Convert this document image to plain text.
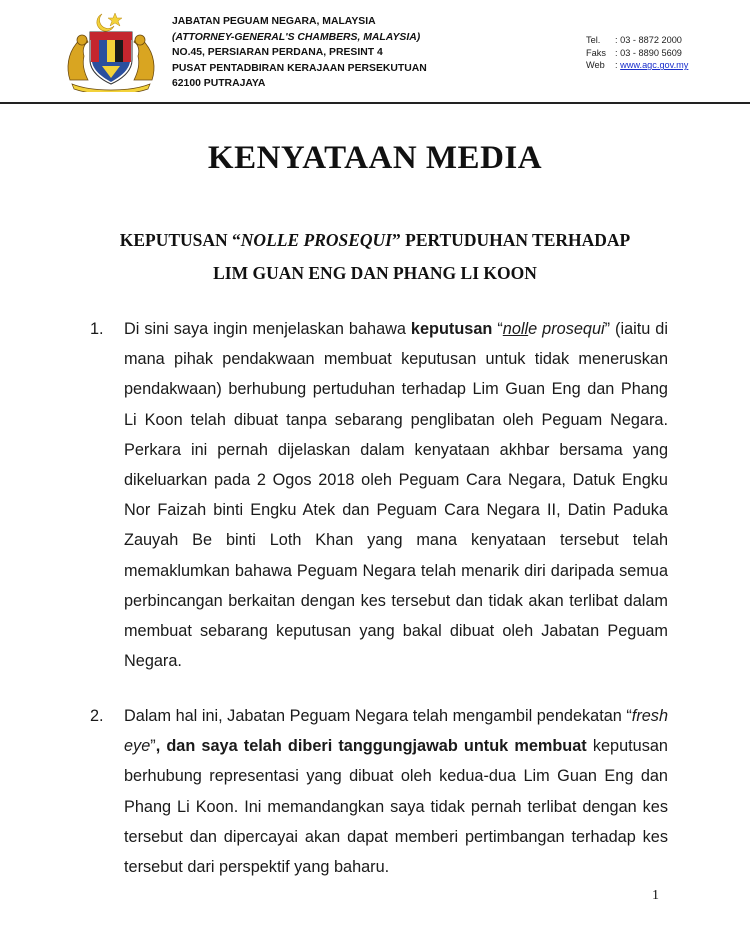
JABATAN PEGUAM NEGARA, MALAYSIA
(ATTORNEY-GENERAL'S CHAMBERS, MALAYSIA)
NO.45, PERSIARAN PERDANA, PRESINT 4
PUSAT PENTADBIRAN KERAJAAN PERSEKUTUAN
62100 PUTRAJAYA
Tel. : 03 - 8872 2000
Faks : 03 - 8890 5609
Web : www.agc.gov.my
KENYATAAN MEDIA
KEPUTUSAN “NOLLE PROSEQUI” PERTUDUHAN TERHADAP
LIM GUAN ENG DAN PHANG LI KOON
1. Di sini saya ingin menjelaskan bahawa keputusan “nolle prosequi” (iaitu di mana pihak pendakwaan membuat keputusan untuk tidak meneruskan pendakwaan) berhubung pertuduhan terhadap Lim Guan Eng dan Phang Li Koon telah dibuat tanpa sebarang penglibatan oleh Peguam Negara. Perkara ini pernah dijelaskan dalam kenyataan akhbar bersama yang dikeluarkan pada 2 Ogos 2018 oleh Peguam Cara Negara, Datuk Engku Nor Faizah binti Engku Atek dan Peguam Cara Negara II, Datin Paduka Zauyah Be binti Loth Khan yang mana kenyataan tersebut telah memaklumkan bahawa Peguam Negara telah menarik diri daripada semua perbincangan berkaitan dengan kes tersebut dan tidak akan terlibat dalam membuat sebarang keputusan yang bakal dibuat oleh Jabatan Peguam Negara.
2. Dalam hal ini, Jabatan Peguam Negara telah mengambil pendekatan “fresh eye”, dan saya telah diberi tanggungjawab untuk membuat keputusan berhubung representasi yang dibuat oleh kedua-dua Lim Guan Eng dan Phang Li Koon. Ini memandangkan saya tidak pernah terlibat dengan kes tersebut dan dipercayai akan dapat memberi pertimbangan terhadap kes tersebut dari perspektif yang baharu.
1
